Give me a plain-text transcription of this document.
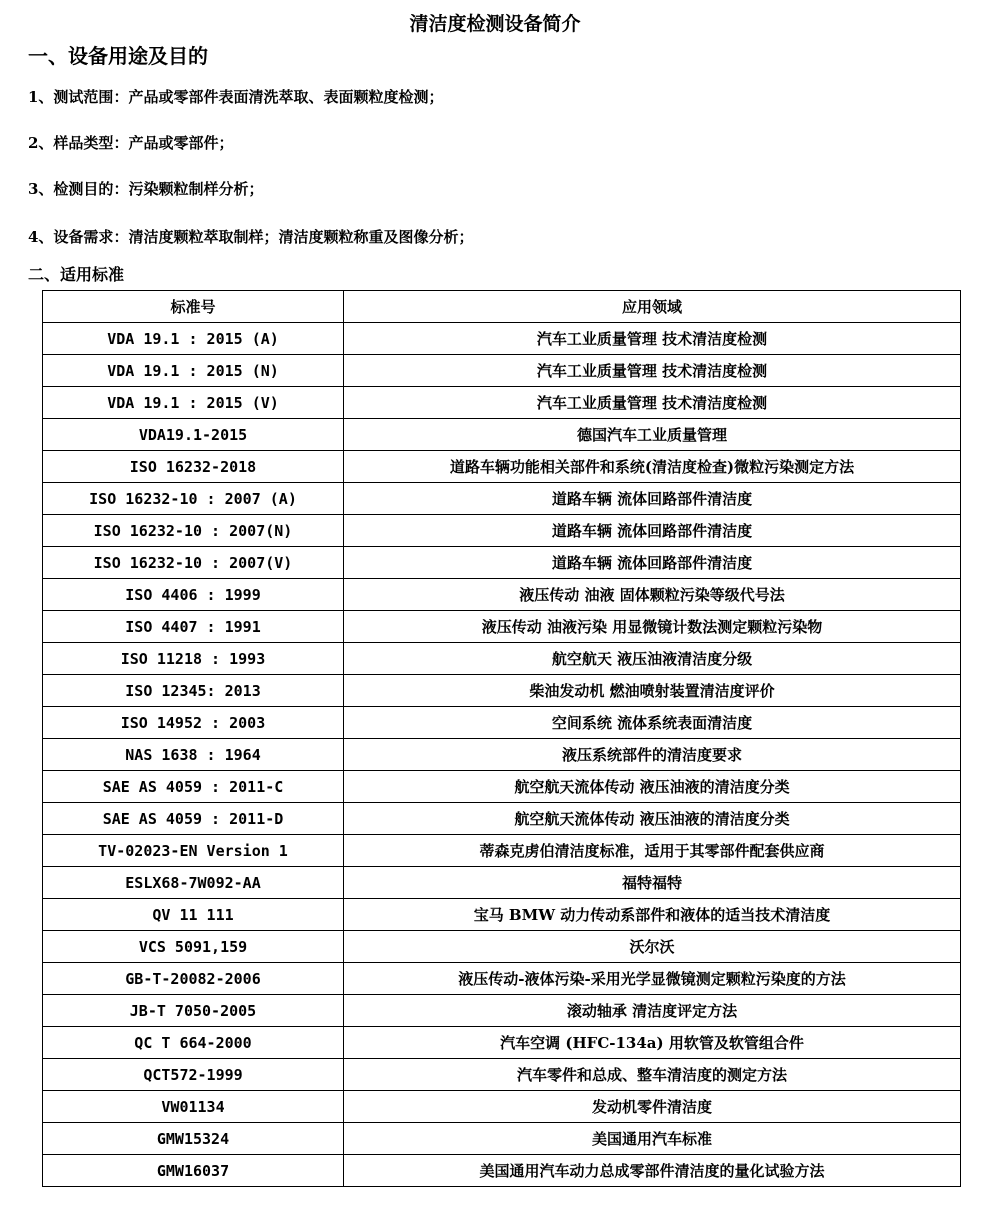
清洁度检测设备简介
一、设备用途及目的

1、测试范围：产品或零部件表面清洗萃取、表面颗粒度检测；

2、样品类型：产品或零部件；

3、检测目的：污染颗粒制样分析；

4、设备需求：清洁度颗粒萃取制样；清洁度颗粒称重及图像分析；

二、适用标准
标准号	应用领域
VDA 19.1 : 2015 (A)	汽车工业质量管理 技术清洁度检测
VDA 19.1 : 2015 (N)	汽车工业质量管理 技术清洁度检测
VDA 19.1 : 2015 (V)	汽车工业质量管理 技术清洁度检测
VDA19.1-2015	德国汽车工业质量管理
ISO 16232-2018	道路车辆功能相关部件和系统(清洁度检查)微粒污染测定方法
ISO 16232-10 : 2007 (A)	道路车辆 流体回路部件清洁度
ISO 16232-10 : 2007(N)	道路车辆 流体回路部件清洁度
ISO 16232-10 : 2007(V)	道路车辆 流体回路部件清洁度
ISO 4406 : 1999	液压传动 油液 固体颗粒污染等级代号法
ISO 4407 : 1991	液压传动 油液污染 用显微镜计数法测定颗粒污染物
ISO 11218 : 1993	航空航天 液压油液清洁度分级
ISO 12345: 2013	柴油发动机 燃油喷射装置清洁度评价
ISO 14952 : 2003	空间系统 流体系统表面清洁度
NAS 1638 : 1964	液压系统部件的清洁度要求
SAE AS 4059 : 2011-C	航空航天流体传动 液压油液的清洁度分类
SAE AS 4059 : 2011-D	航空航天流体传动 液压油液的清洁度分类
TV-02023-EN Version 1	蒂森克虏伯清洁度标准，适用于其零部件配套供应商
ESLX68-7W092-AA	福特福特
QV 11 111	宝马 BMW 动力传动系部件和液体的适当技术清洁度
VCS 5091,159	沃尔沃
GB-T-20082-2006	液压传动-液体污染-采用光学显微镜测定颗粒污染度的方法
JB-T 7050-2005	滚动轴承 清洁度评定方法
QC T 664-2000	汽车空调 (HFC-134a) 用软管及软管组合件
QCT572-1999	汽车零件和总成、整车清洁度的测定方法
VW01134	发动机零件清洁度
GMW15324	美国通用汽车标准
GMW16037	美国通用汽车动力总成零部件清洁度的量化试验方法
